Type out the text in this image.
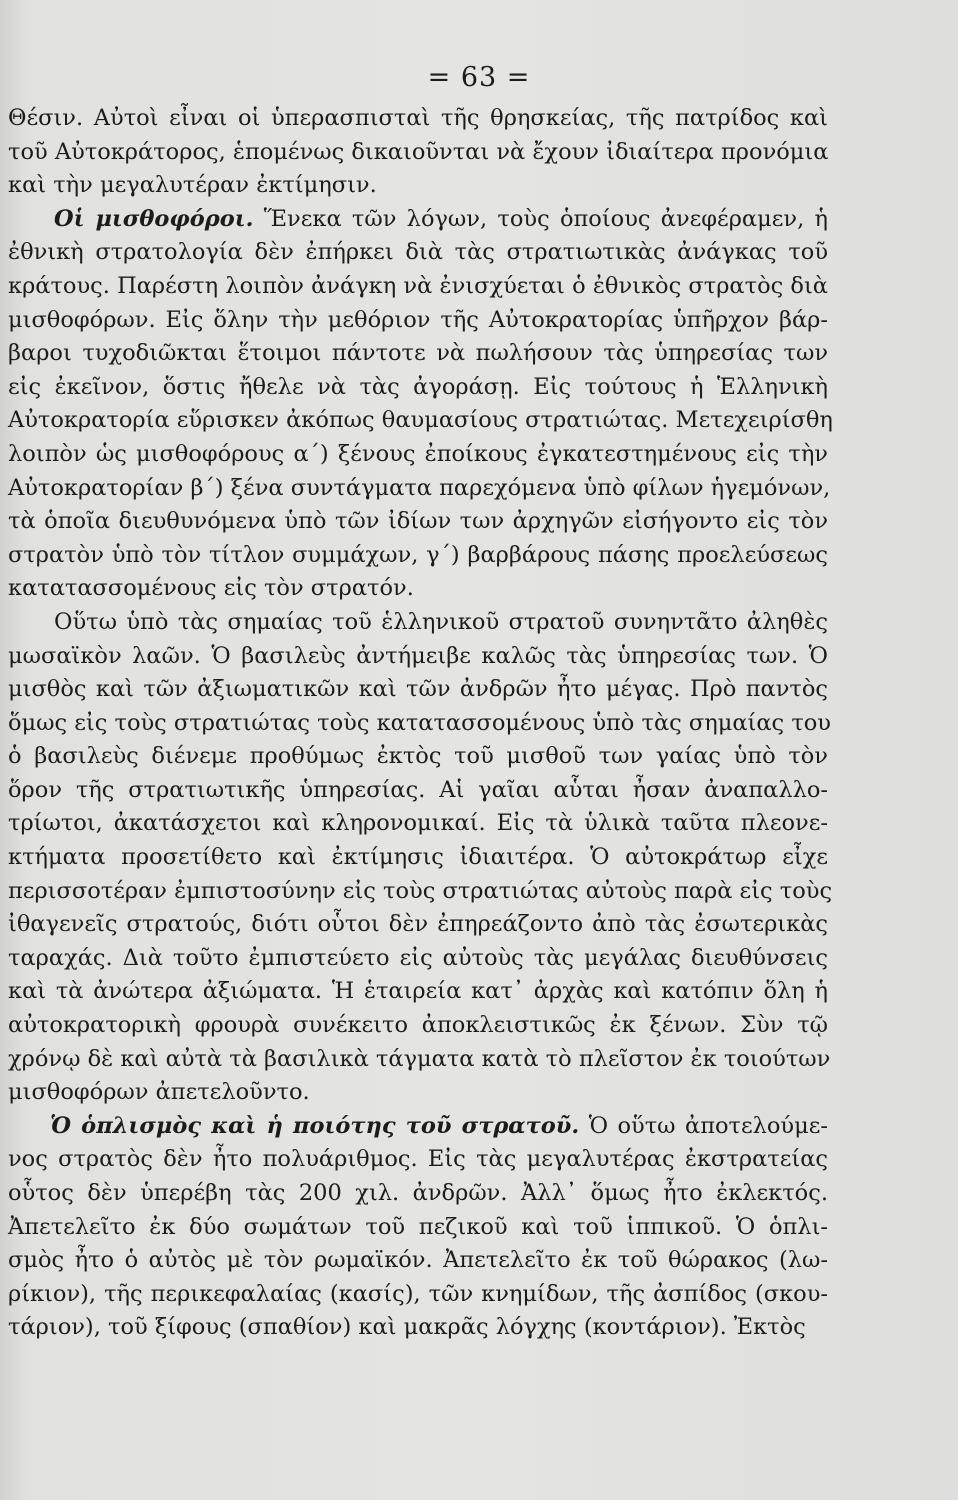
= 63 =
Θέσιν. Αὐτοὶ εἶναι οἱ ὑπερασπισταὶ τῆς θρησκείας, τῆς πατρίδος καὶ
τοῦ Αὐτοκράτορος, ἑπομένως δικαιοῦνται νὰ ἔχουν ἰδιαίτερα προνόμια
καὶ τὴν μεγαλυτέραν ἐκτίμησιν.
Οἱ μισθοφόροι. Ἕνεκα τῶν λόγων, τοὺς ὁποίους ἀνεφέραμεν, ἡ
ἐθνικὴ στρατολογία δὲν ἐπήρκει διὰ τὰς στρατιωτικὰς ἀνάγκας τοῦ
κράτους. Παρέστη λοιπὸν ἀνάγκη νὰ ἐνισχύεται ὁ ἐθνικὸς στρατὸς διὰ
μισθοφόρων. Εἰς ὅλην τὴν μεθόριον τῆς Αὐτοκρατορίας ὑπῆρχον βάρ-
βαροι τυχοδιῶκται ἕτοιμοι πάντοτε νὰ πωλήσουν τὰς ὑπηρεσίας των
εἰς ἐκεῖνον, ὅστις ἤθελε νὰ τὰς ἀγοράσῃ. Εἰς τούτους ἡ Ἑλληνικὴ
Αὐτοκρατορία εὕρισκεν ἀκόπως θαυμασίους στρατιώτας. Μετεχειρίσθη
λοιπὸν ὡς μισθοφόρους α΄) ξένους ἐποίκους ἐγκατεστημένους εἰς τὴν
Αὐτοκρατορίαν β΄) ξένα συντάγματα παρεχόμενα ὑπὸ φίλων ἡγεμόνων,
τὰ ὁποῖα διευθυνόμενα ὑπὸ τῶν ἰδίων των ἀρχηγῶν εἰσήγοντο εἰς τὸν
στρατὸν ὑπὸ τὸν τίτλον συμμάχων, γ΄) βαρβάρους πάσης προελεύσεως
κατατασσομένους εἰς τὸν στρατόν.
Οὕτω ὑπὸ τὰς σημαίας τοῦ ἑλληνικοῦ στρατοῦ συνηντᾶτο ἀληθὲς
μωσαϊκὸν λαῶν. Ὁ βασιλεὺς ἀντήμειβε καλῶς τὰς ὑπηρεσίας των. Ὁ
μισθὸς καὶ τῶν ἀξιωματικῶν καὶ τῶν ἀνδρῶν ἦτο μέγας. Πρὸ παντὸς
ὅμως εἰς τοὺς στρατιώτας τοὺς κατατασσομένους ὑπὸ τὰς σημαίας του
ὁ βασιλεὺς διένεμε προθύμως ἐκτὸς τοῦ μισθοῦ των γαίας ὑπὸ τὸν
ὅρον τῆς στρατιωτικῆς ὑπηρεσίας. Αἱ γαῖαι αὗται ἦσαν ἀναπαλλο-
τρίωτοι, ἀκατάσχετοι καὶ κληρονομικαί. Εἰς τὰ ὑλικὰ ταῦτα πλεονε-
κτήματα προσετίθετο καὶ ἐκτίμησις ἰδιαιτέρα. Ὁ αὐτοκράτωρ εἶχε
περισσοτέραν ἐμπιστοσύνην εἰς τοὺς στρατιώτας αὐτοὺς παρὰ εἰς τοὺς
ἰθαγενεῖς στρατούς, διότι οὗτοι δὲν ἐπηρεάζοντο ἀπὸ τὰς ἐσωτερικὰς
ταραχάς. Διὰ τοῦτο ἐμπιστεύετο εἰς αὐτοὺς τὰς μεγάλας διευθύνσεις
καὶ τὰ ἀνώτερα ἀξιώματα. Ἡ ἑταιρεία κατ᾽ ἀρχὰς καὶ κατόπιν ὅλη ἡ
αὐτοκρατορικὴ φρουρὰ συνέκειτο ἀποκλειστικῶς ἐκ ξένων. Σὺν τῷ
χρόνῳ δὲ καὶ αὐτὰ τὰ βασιλικὰ τάγματα κατὰ τὸ πλεῖστον ἐκ τοιούτων
μισθοφόρων ἀπετελοῦντο.
Ὁ ὁπλισμὸς καὶ ἡ ποιότης τοῦ στρατοῦ. Ὁ οὕτω ἀποτελούμε-
νος στρατὸς δὲν ἦτο πολυάριθμος. Εἰς τὰς μεγαλυτέρας ἐκστρατείας
οὗτος δὲν ὑπερέβη τὰς 200 χιλ. ἀνδρῶν. Ἀλλ᾽ ὅμως ἦτο ἐκλεκτός.
Ἀπετελεῖτο ἐκ δύο σωμάτων τοῦ πεζικοῦ καὶ τοῦ ἱππικοῦ. Ὁ ὁπλι-
σμὸς ἦτο ὁ αὐτὸς μὲ τὸν ρωμαϊκόν. Ἀπετελεῖτο ἐκ τοῦ θώρακος (λω-
ρίκιον), τῆς περικεφαλαίας (κασίς), τῶν κνημίδων, τῆς ἀσπίδος (σκου-
τάριον), τοῦ ξίφους (σπαθίον) καὶ μακρᾶς λόγχης (κοντάριον). Ἐκτὸς
